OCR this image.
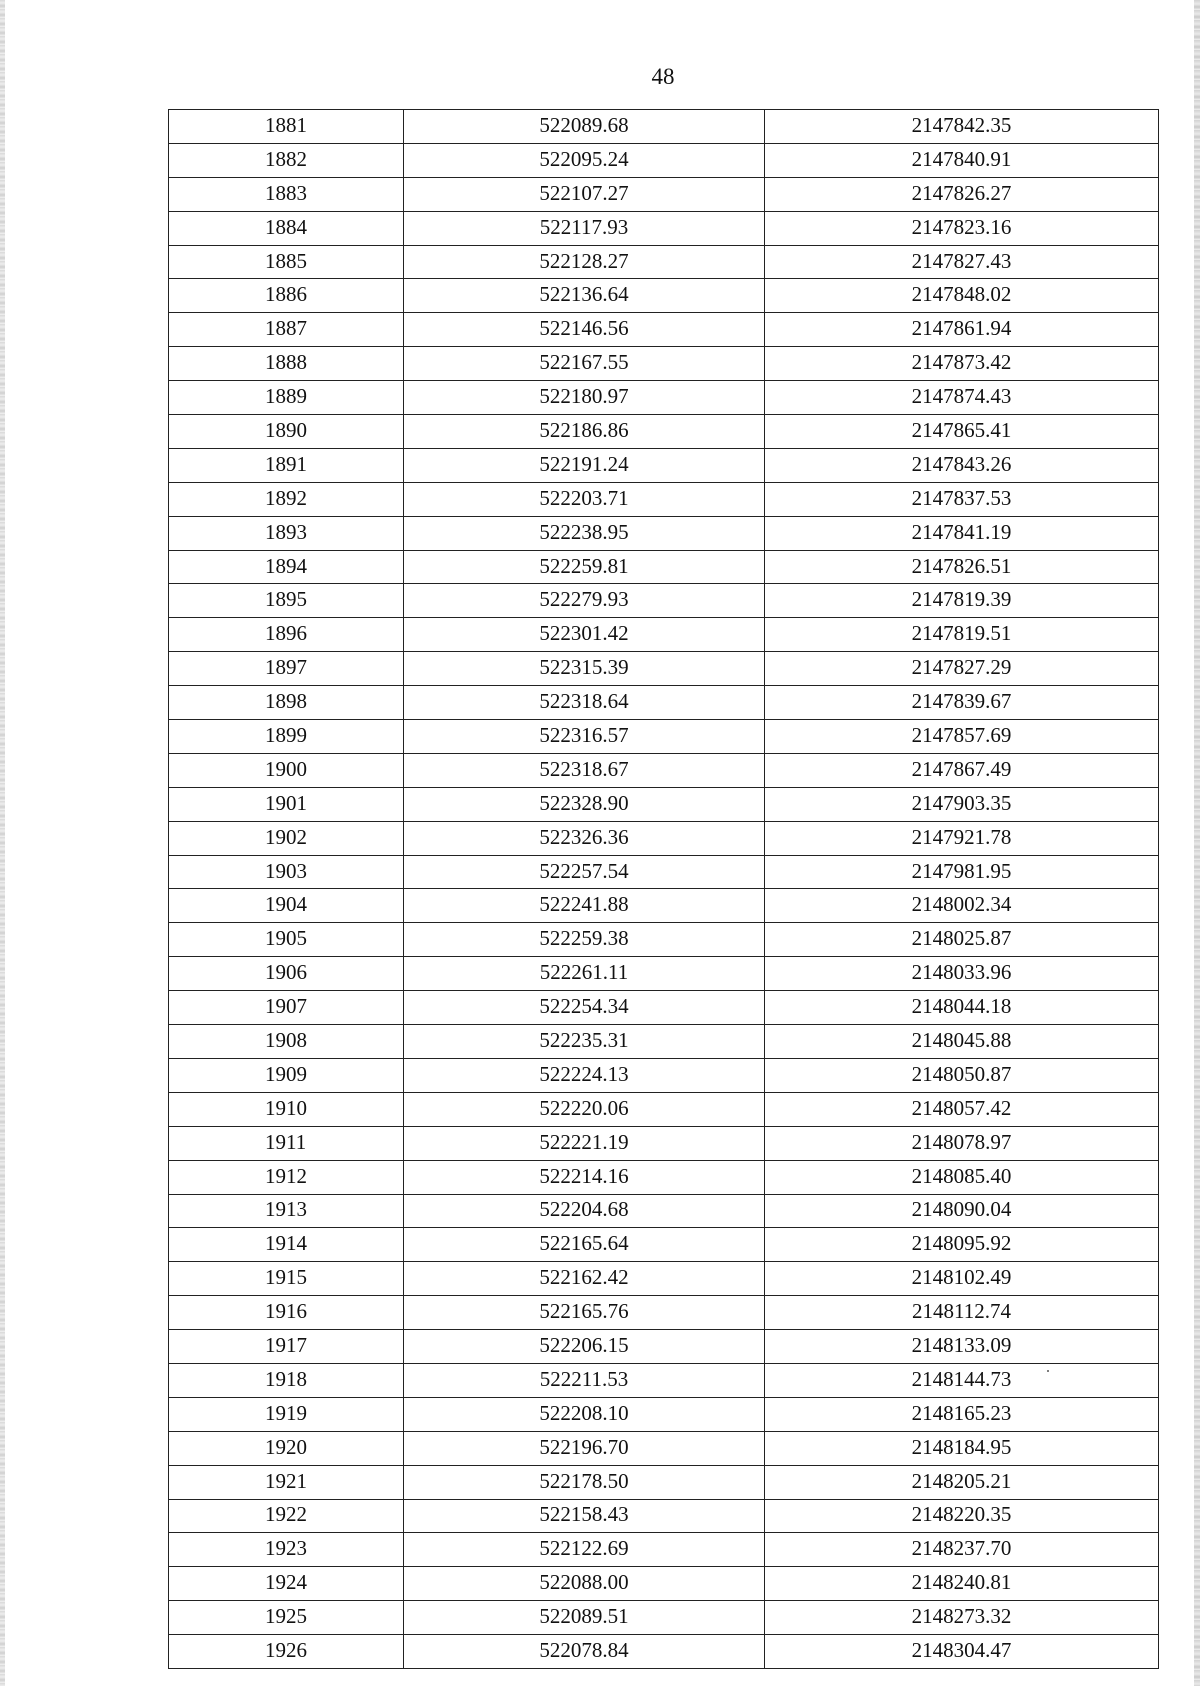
48
1881	522089.68	2147842.35
1882	522095.24	2147840.91
1883	522107.27	2147826.27
1884	522117.93	2147823.16
1885	522128.27	2147827.43
1886	522136.64	2147848.02
1887	522146.56	2147861.94
1888	522167.55	2147873.42
1889	522180.97	2147874.43
1890	522186.86	2147865.41
1891	522191.24	2147843.26
1892	522203.71	2147837.53
1893	522238.95	2147841.19
1894	522259.81	2147826.51
1895	522279.93	2147819.39
1896	522301.42	2147819.51
1897	522315.39	2147827.29
1898	522318.64	2147839.67
1899	522316.57	2147857.69
1900	522318.67	2147867.49
1901	522328.90	2147903.35
1902	522326.36	2147921.78
1903	522257.54	2147981.95
1904	522241.88	2148002.34
1905	522259.38	2148025.87
1906	522261.11	2148033.96
1907	522254.34	2148044.18
1908	522235.31	2148045.88
1909	522224.13	2148050.87
1910	522220.06	2148057.42
1911	522221.19	2148078.97
1912	522214.16	2148085.40
1913	522204.68	2148090.04
1914	522165.64	2148095.92
1915	522162.42	2148102.49
1916	522165.76	2148112.74
1917	522206.15	2148133.09
1918	522211.53	2148144.73
1919	522208.10	2148165.23
1920	522196.70	2148184.95
1921	522178.50	2148205.21
1922	522158.43	2148220.35
1923	522122.69	2148237.70
1924	522088.00	2148240.81
1925	522089.51	2148273.32
1926	522078.84	2148304.47
